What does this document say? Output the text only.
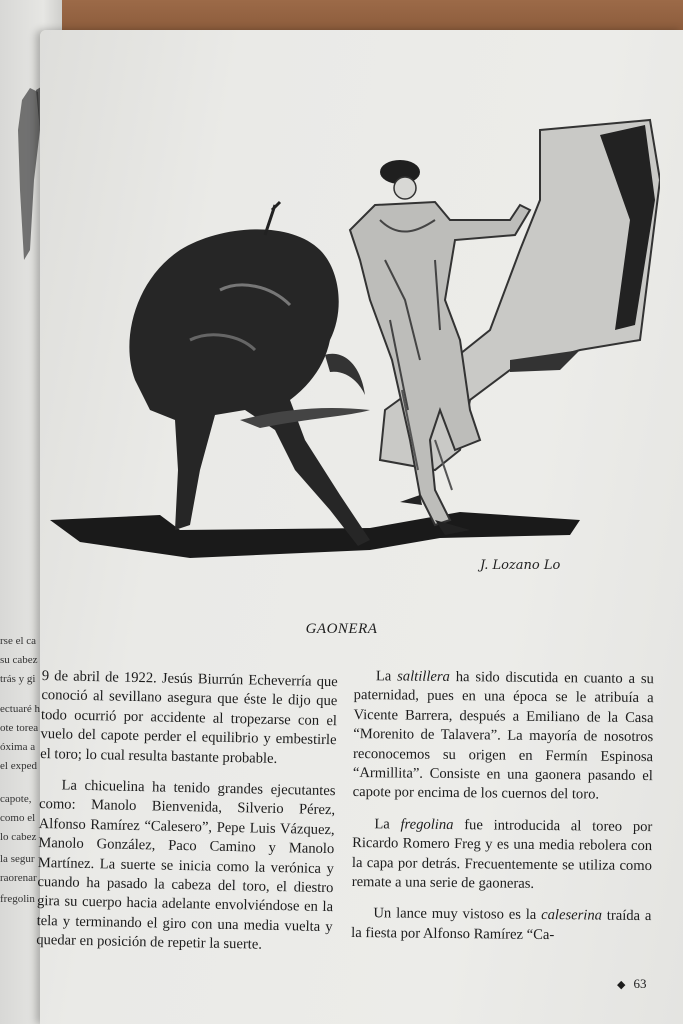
rse el ca
su cabez
trás y gi
ectuaré h
ote torea
óxima a
el exped
capote,
como el
lo cabez
la segur
raorenar
fregolin
J. Lozano Lo
GAONERA

9 de abril de 1922. Jesús Biurrún Echeverría que conoció al sevillano asegura que éste le dijo que todo ocurrió por accidente al tropezarse con el vuelo del capote perder el equilibrio y embestirle el toro; lo cual resulta bastante probable.

La chicuelina ha tenido grandes ejecutantes como: Manolo Bienvenida, Silverio Pérez, Alfonso Ramírez “Calesero”, Pepe Luis Vázquez, Manolo González, Paco Camino y Manolo Martínez. La suerte se inicia como la verónica y cuando ha pasado la cabeza del toro, el diestro gira su cuerpo hacia adelante envolviéndose en la tela y terminando el giro con una media vuelta y quedar en posición de repetir la suerte.

La saltillera ha sido discutida en cuanto a su paternidad, pues en una época se le atribuía a Vicente Barrera, después a Emiliano de la Casa “Morenito de Talavera”. La mayoría de nosotros reconocemos su origen en Fermín Espinosa “Armillita”. Consiste en una gaonera pasando el capote por encima de los cuernos del toro.

La fregolina fue introducida al toreo por Ricardo Romero Freg y es una media rebolera con la capa por detrás. Frecuentemente se utiliza como remate a una serie de gaoneras.

Un lance muy vistoso es la caleserina traída a la fiesta por Alfonso Ramírez “Ca-

◆ 63
